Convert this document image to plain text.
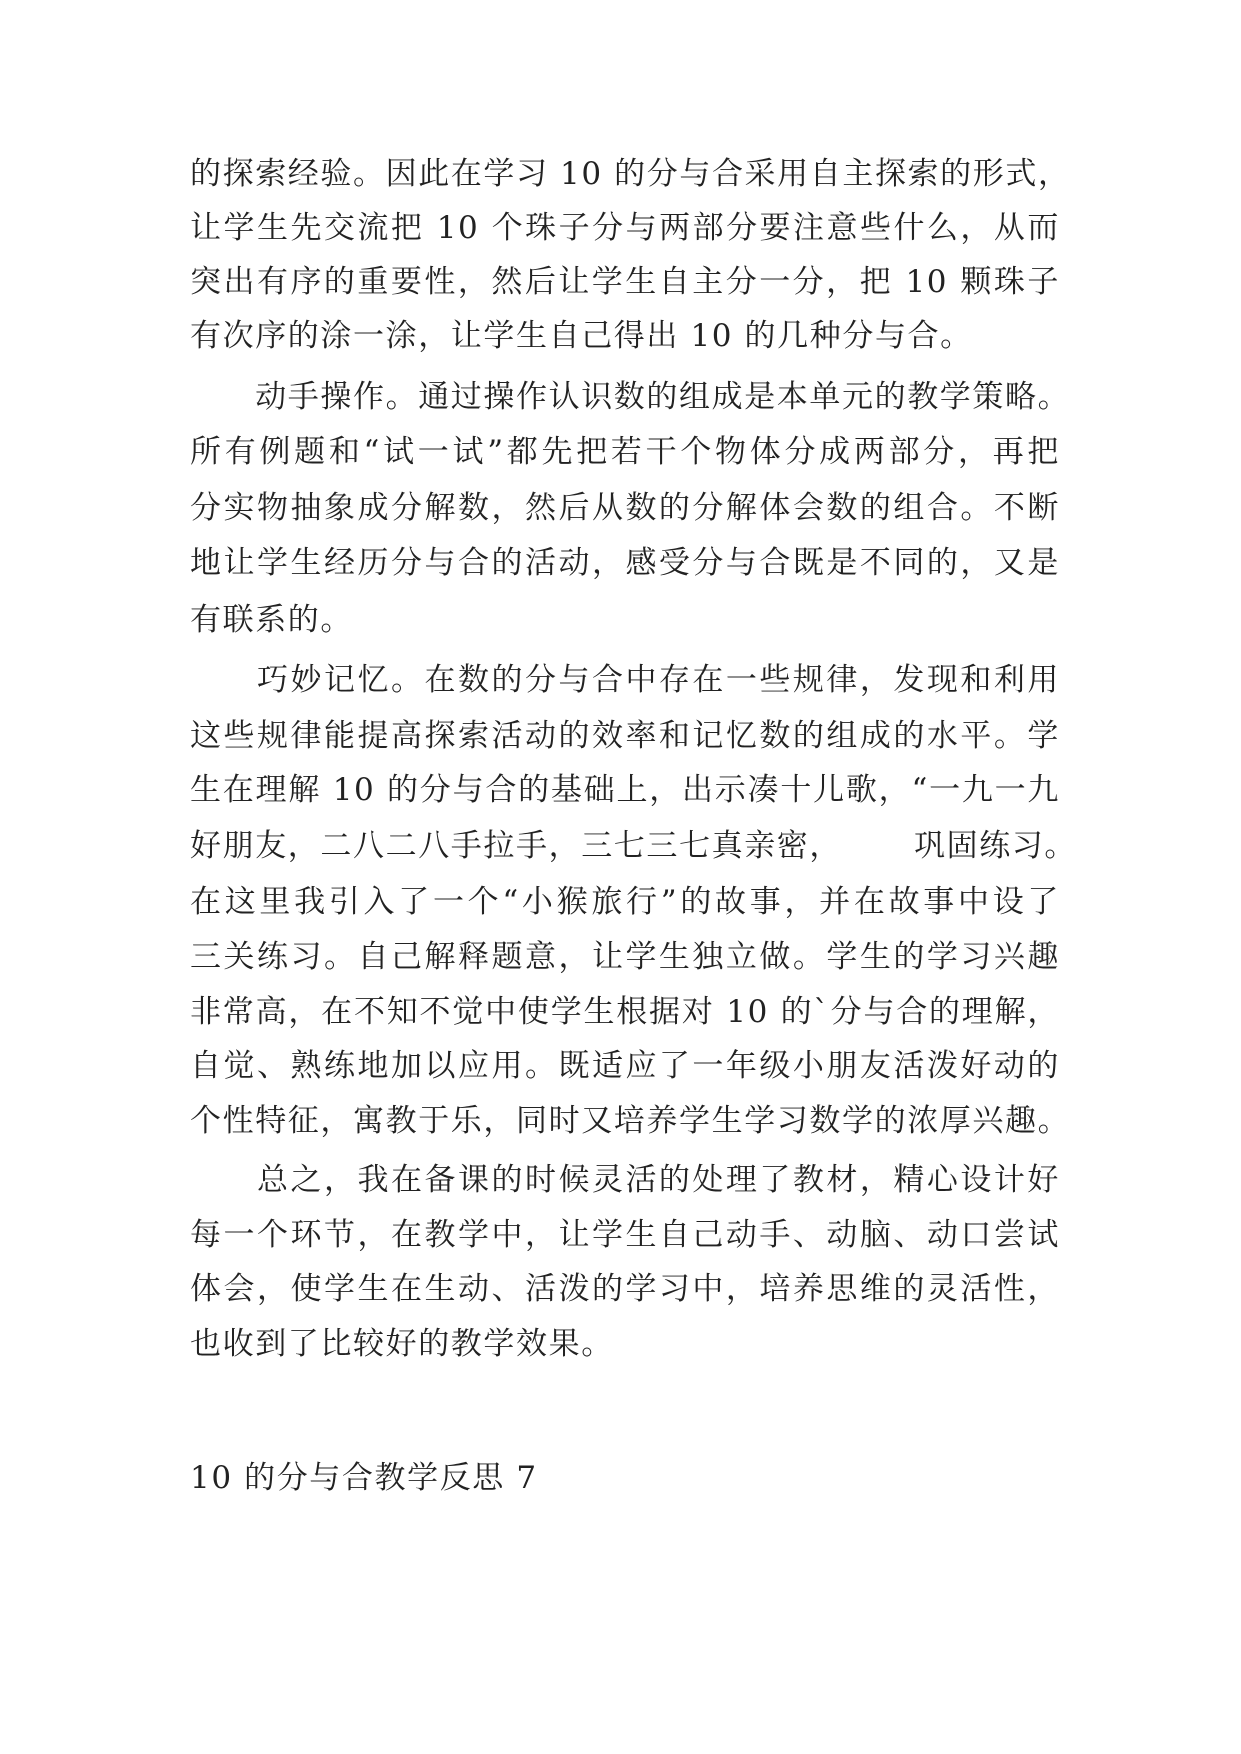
的探索经验。因此在学习 10 的分与合采用自主探索的形式，
让学生先交流把 10 个珠子分与两部分要注意些什么，从而
突出有序的重要性，然后让学生自主分一分，把 10 颗珠子
有次序的涂一涂，让学生自己得出 10 的几种分与合。
　　动手操作。通过操作认识数的组成是本单元的教学策略。
所有例题和“试一试”都先把若干个物体分成两部分，再把
分实物抽象成分解数，然后从数的分解体会数的组合。不断
地让学生经历分与合的活动，感受分与合既是不同的，又是
有联系的。
　　巧妙记忆。在数的分与合中存在一些规律，发现和利用
这些规律能提高探索活动的效率和记忆数的组成的水平。学
生在理解 10 的分与合的基础上，出示凑十儿歌，“一九一九
好朋友，二八二八手拉手，三七三七真亲密， 巩固练习。
在这里我引入了一个“小猴旅行”的故事，并在故事中设了
三关练习。自己解释题意，让学生独立做。学生的学习兴趣
非常高，在不知不觉中使学生根据对 10 的`分与合的理解，
自觉、熟练地加以应用。既适应了一年级小朋友活泼好动的
个性特征，寓教于乐，同时又培养学生学习数学的浓厚兴趣。
　　总之，我在备课的时候灵活的处理了教材，精心设计好
每一个环节，在教学中，让学生自己动手、动脑、动口尝试
体会，使学生在生动、活泼的学习中，培养思维的灵活性，
也收到了比较好的教学效果。
10 的分与合教学反思 7
